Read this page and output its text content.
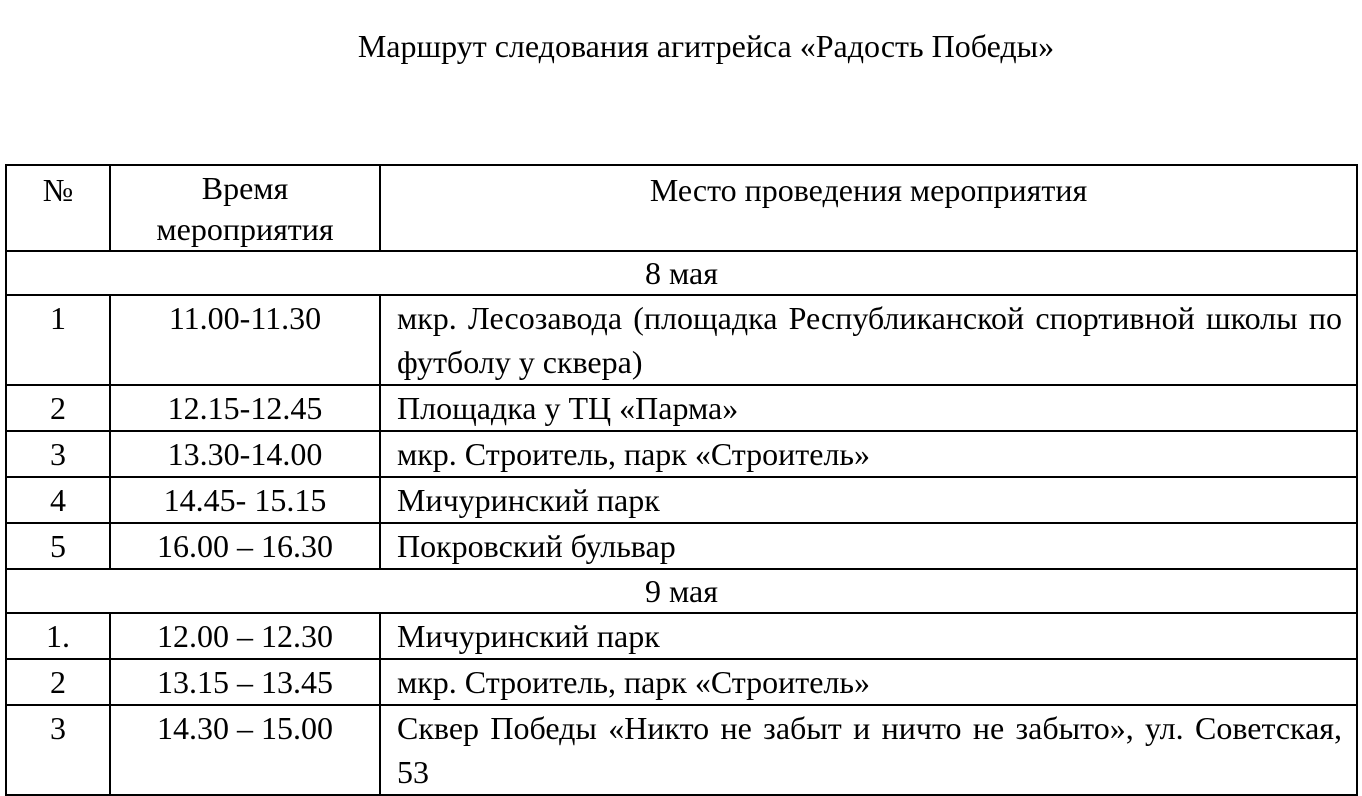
Маршрут следования агитрейса «Радость Победы»
№	Время мероприятия	Место проведения мероприятия
8 мая		
1	11.00-11.30	мкр. Лесозавода (площадка Республиканской спортивной школы по футболу у сквера)
2	12.15-12.45	Площадка у ТЦ «Парма»
3	13.30-14.00	мкр. Строитель, парк «Строитель»
4	14.45- 15.15	Мичуринский парк
5	16.00 – 16.30	Покровский бульвар
9 мая		
1.	12.00 – 12.30	Мичуринский парк
2	13.15 – 13.45	мкр. Строитель, парк «Строитель»
3	14.30 – 15.00	Сквер Победы «Никто не забыт и ничто не забыто», ул. Советская, 53
